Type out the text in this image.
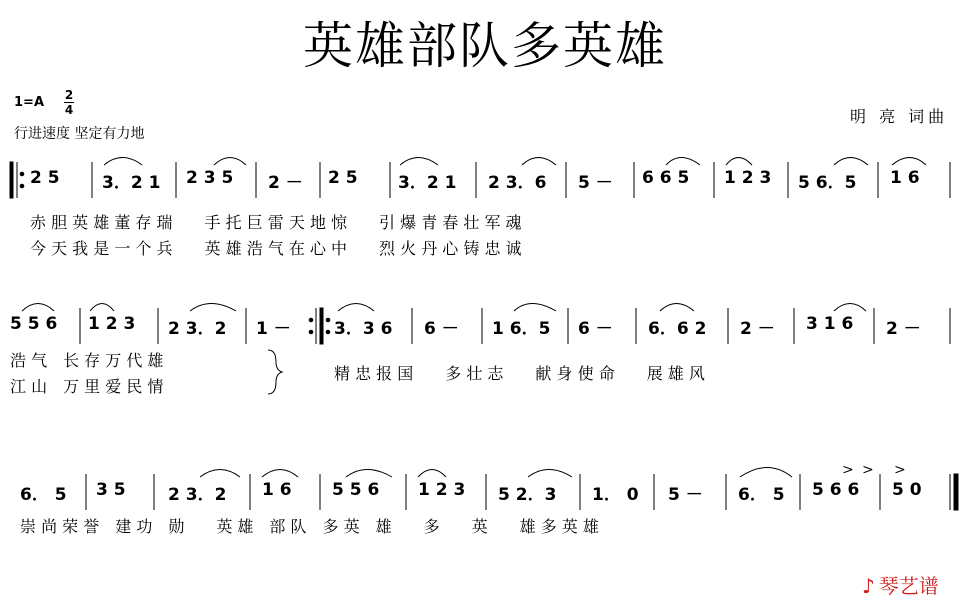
英雄部队多英雄
1=A 2
4
行进速度 坚定有力地
明 亮 词曲
2 5 3．2 1 2 3 5 2 － 2 5 3．2 1 2 3．6 5 － 6 6 5 1 2 3 5 6．5 1 6
赤 胆 英 雄 董 存 瑞　　手 托 巨 雷 天 地 惊　　引 爆 青 春 壮 军 魂
今 天 我 是 一 个 兵　　英 雄 浩 气 在 心 中　　烈 火 丹 心 铸 忠 诚
5 5 6 1 2 3 2 3．2 1 －	3．3 6 6 － 1 6．5 6 － 6．6 2 2 － 3 1 6 2 －
浩 气　长 存 万 代 雄
江 山　万 里 爱 民 情
精 忠 报 国　　多 壮 志　　献 身 使 命　　展 雄 风
6． 5 3 5 2 3．2 1 6 5 5 6 1 2 3 5 2．3 1． 0 5 － 6． 5 5 6 6 5 0
崇 尚 荣 誉　建 功　勋　　英 雄　部 队　多 英　雄　　多　　英　　雄 多 英 雄
> > >
♪ 琴艺谱
